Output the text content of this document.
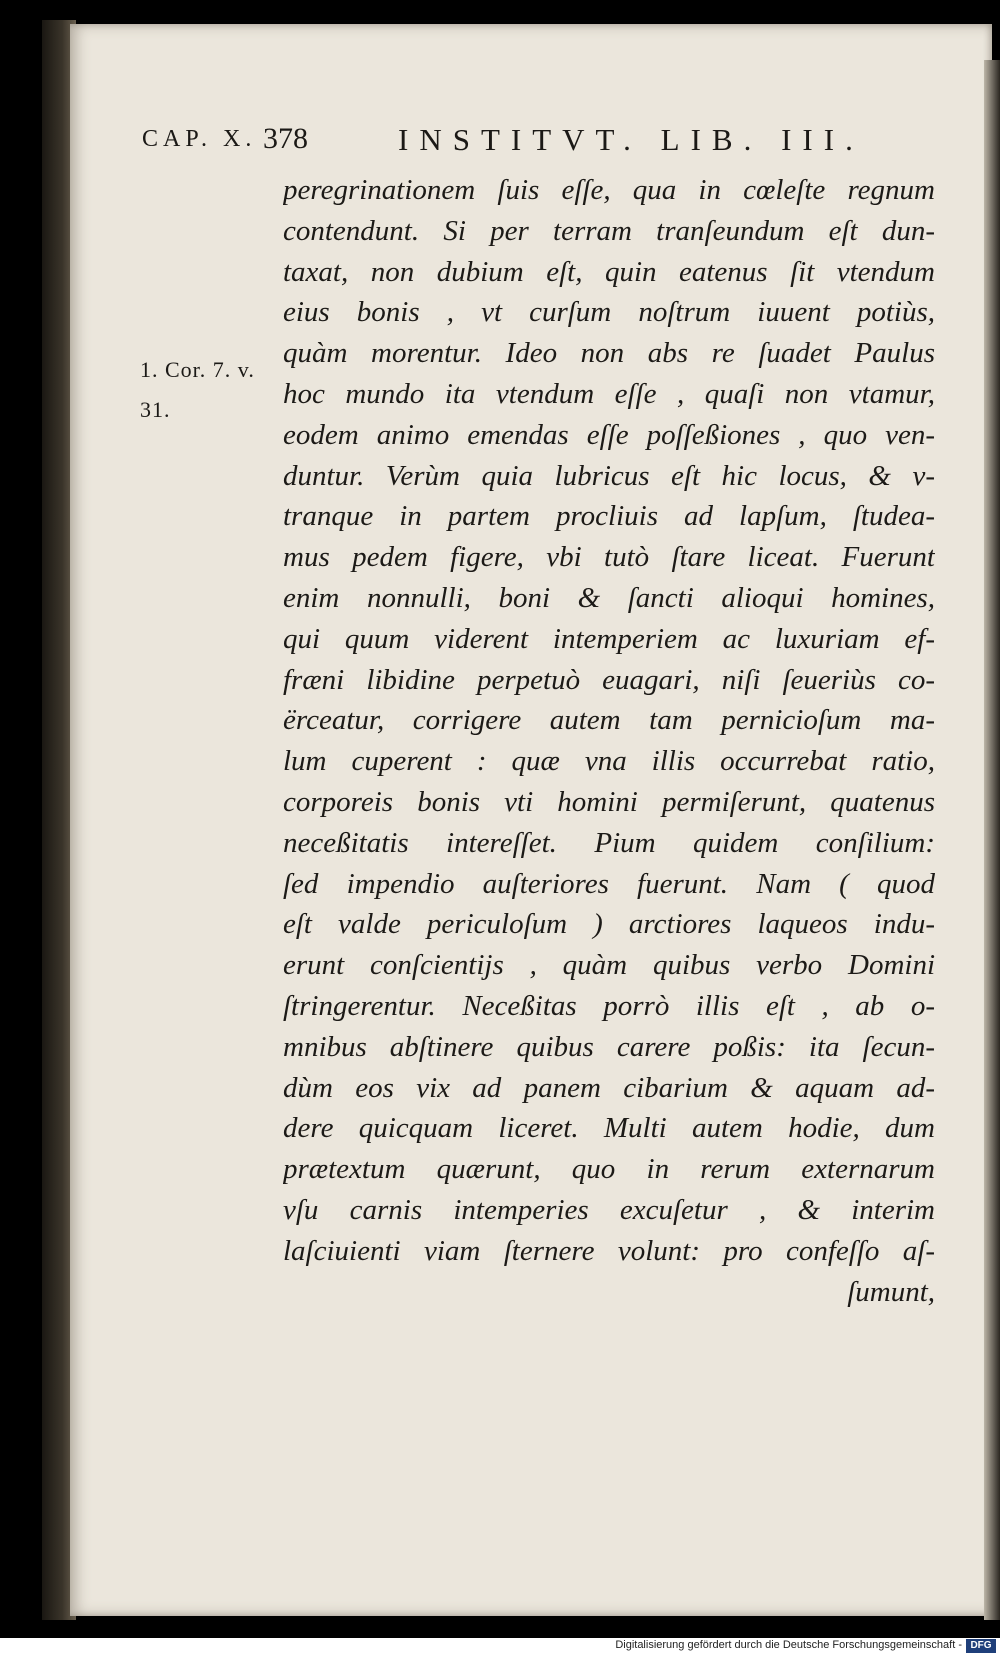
CAP. X. 378	INSTITVT. LIB. III.
1. Cor. 7. v.
31.
peregrinationem ſuis eſſe, qua in cœleſte regnum
contendunt. Si per terram tranſeundum eſt dun-
taxat, non dubium eſt, quin eatenus ſit vtendum
eius bonis , vt curſum noſtrum iuuent potiùs,
quàm morentur. Ideo non abs re ſuadet Paulus
hoc mundo ita vtendum eſſe , quaſi non vtamur,
eodem animo emendas eſſe poſſeßiones , quo ven-
duntur. Verùm quia lubricus eſt hic locus, & v-
tranque in partem procliuis ad lapſum, ſtudea-
mus pedem figere, vbi tutò ſtare liceat. Fuerunt
enim nonnulli, boni & ſancti alioqui homines,
qui quum viderent intemperiem ac luxuriam ef-
fræni libidine perpetuò euagari, niſi ſeueriùs co-
ërceatur, corrigere autem tam pernicioſum ma-
lum cuperent : quæ vna illis occurrebat ratio,
corporeis bonis vti homini permiſerunt, quatenus
neceßitatis intereſſet. Pium quidem conſilium:
ſed impendio auſteriores fuerunt. Nam ( quod
eſt valde periculoſum ) arctiores laqueos indu-
erunt conſcientijs , quàm quibus verbo Domini
ſtringerentur. Neceßitas porrò illis eſt , ab o-
mnibus abſtinere quibus carere poßis: ita ſecun-
dùm eos vix ad panem cibarium & aquam ad-
dere quicquam liceret. Multi autem hodie, dum
prætextum quærunt, quo in rerum externarum
vſu carnis intemperies excuſetur , & interim
laſciuienti viam ſternere volunt: pro confeſſo aſ-
ſumunt,
Digitalisierung gefördert durch die Deutsche Forschungsgemeinschaft - DFG
